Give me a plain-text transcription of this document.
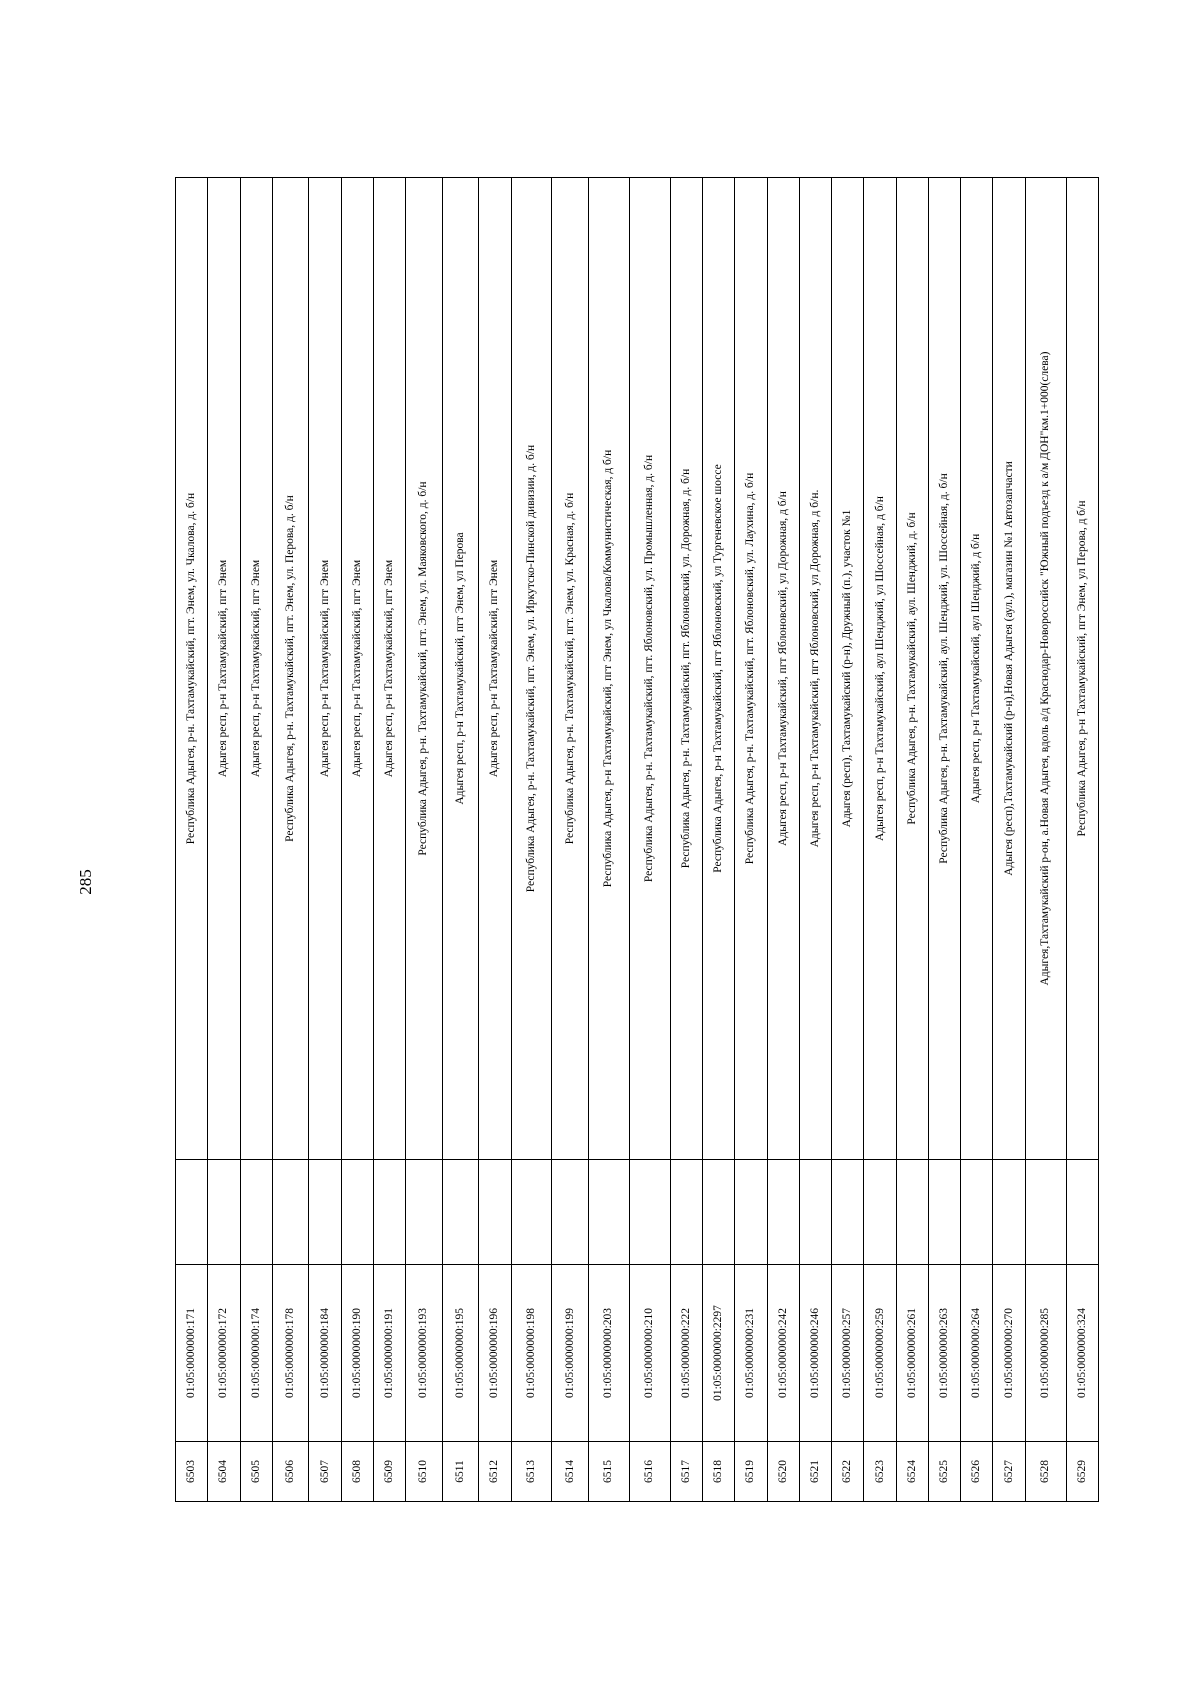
285
6503	01:05:0000000:171		Республика Адыгея, р-н. Тахтамукайский, пгт. Энем, ул. Чкалова, д. б/н
6504	01:05:0000000:172		Адыгея респ, р-н Тахтамукайский, пгт Энем
6505	01:05:0000000:174		Адыгея респ, р-н Тахтамукайский, пгт Энем
6506	01:05:0000000:178		Республика Адыгея, р-н. Тахтамукайский, пгт. Энем, ул. Перова, д. б/н
6507	01:05:0000000:184		Адыгея респ, р-н Тахтамукайский, пгт Энем
6508	01:05:0000000:190		Адыгея респ, р-н Тахтамукайский, пгт Энем
6509	01:05:0000000:191		Адыгея респ, р-н Тахтамукайский, пгт Энем
6510	01:05:0000000:193		Республика Адыгея, р-н. Тахтамукайский, пгт. Энем, ул. Маяковского, д. б/н
6511	01:05:0000000:195		Адыгея респ, р-н Тахтамукайский, пгт Энем, ул Перова
6512	01:05:0000000:196		Адыгея респ, р-н Тахтамукайский, пгт Энем
6513	01:05:0000000:198		Республика Адыгея, р-н. Тахтамукайский, пгт. Энем, ул. Иркутско-Пинской дивизии, д. б/н
6514	01:05:0000000:199		Республика Адыгея, р-н. Тахтамукайский, пгт. Энем, ул. Красная, д. б/н
6515	01:05:0000000:203		Республика Адыгея, р-н Тахтамукайский, пгт Энем, ул Чкалова/Коммунистическая, д б/н
6516	01:05:0000000:210		Республика Адыгея, р-н. Тахтамукайский, пгт. Яблоновский, ул. Промышленная, д. б/н
6517	01:05:0000000:222		Республика Адыгея, р-н. Тахтамукайский, пгт. Яблоновский, ул. Дорожная, д. б/н
6518	01:05:0000000:2297		Республика Адыгея, р-н Тахтамукайский, пгт Яблоновский, ул Тургеневское шоссе
6519	01:05:0000000:231		Республика Адыгея, р-н. Тахтамукайский, пгт. Яблоновский, ул. Лаухина, д. б/н
6520	01:05:0000000:242		Адыгея респ, р-н Тахтамукайский, пгт Яблоновский, ул Дорожная, д б/н
6521	01:05:0000000:246		Адыгея респ, р-н Тахтамукайский, пгт Яблоновский, ул Дорожная, д б/н.
6522	01:05:0000000:257		Адыгея (респ), Тахтамукайский (р-н), Дружный (п.), участок №1
6523	01:05:0000000:259		Адыгея респ, р-н Тахтамукайский, аул Шенджий, ул Шоссейная, д б/н
6524	01:05:0000000:261		Республика Адыгея, р-н. Тахтамукайский, аул. Шенджий, д. б/н
6525	01:05:0000000:263		Республика Адыгея, р-н. Тахтамукайский, аул. Шенджий, ул. Шоссейная, д. б/н
6526	01:05:0000000:264		Адыгея респ, р-н Тахтамукайский, аул Шенджий, д б/н
6527	01:05:0000000:270		Адыгея (респ),Тахтамукайский (р-н),Новая Адыгея (аул.), магазин №1 Автозапчасти
6528	01:05:0000000:285		Адыгея,Тахтамукайский р-он, а.Новая Адыгея, вдоль а/д Краснодар-Новороссийск "Южный подъезд к а/м ДОН"км.1+000(слева)
6529	01:05:0000000:324		Республика Адыгея, р-н Тахтамукайский, пгт Энем, ул Перова, д б/н
